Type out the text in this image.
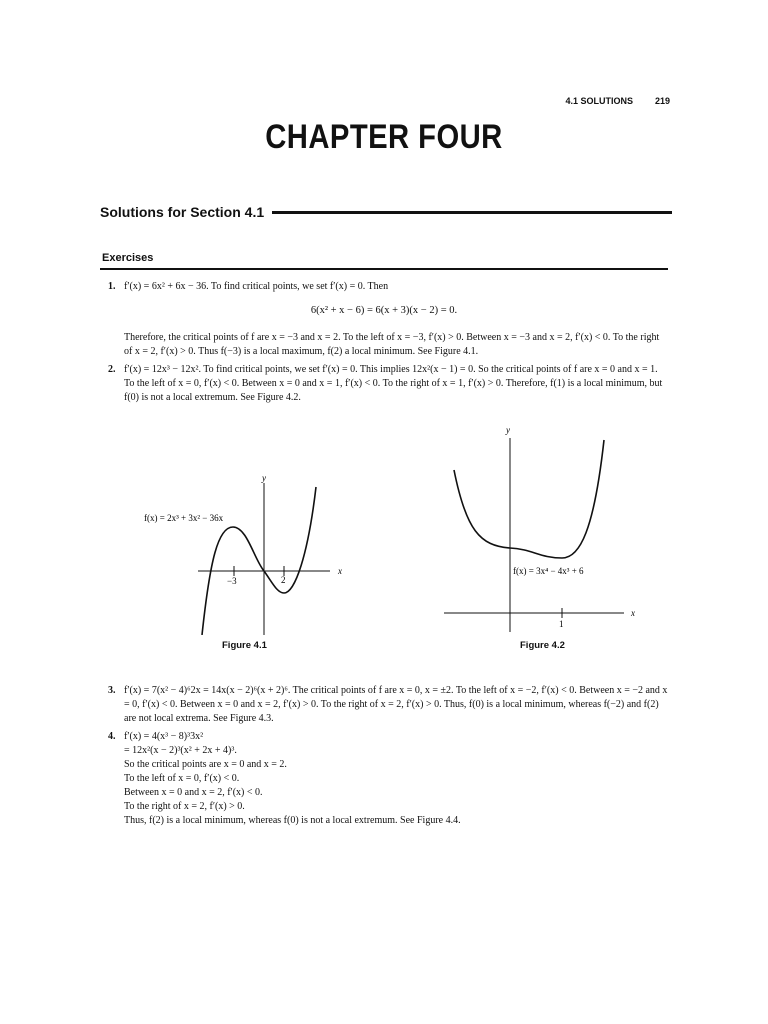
4.1 SOLUTIONS 219
CHAPTER FOUR
Solutions for Section 4.1
Exercises
1. f′(x) = 6x² + 6x − 36. To find critical points, we set f′(x) = 0. Then
6(x² + x − 6) = 6(x + 3)(x − 2) = 0.
Therefore, the critical points of f are x = −3 and x = 2. To the left of x = −3, f′(x) > 0. Between x = −3 and x = 2, f′(x) < 0. To the right of x = 2, f′(x) > 0. Thus f(−3) is a local maximum, f(2) a local minimum. See Figure 4.1.
2. f′(x) = 12x³ − 12x². To find critical points, we set f′(x) = 0. This implies 12x²(x − 1) = 0. So the critical points of f are x = 0 and x = 1. To the left of x = 0, f′(x) < 0. Between x = 0 and x = 1, f′(x) < 0. To the right of x = 1, f′(x) > 0. Therefore, f(1) is a local minimum, but f(0) is not a local extremum. See Figure 4.2.
y
x
−3	2
f(x) = 2x³ + 3x² − 36x
Figure 4.1
y
x
1
f(x) = 3x⁴ − 4x³ + 6
Figure 4.2
3. f′(x) = 7(x² − 4)⁶2x = 14x(x − 2)⁶(x + 2)⁶. The critical points of f are x = 0, x = ±2. To the left of x = −2, f′(x) < 0. Between x = −2 and x = 0, f′(x) < 0. Between x = 0 and x = 2, f′(x) > 0. To the right of x = 2, f′(x) > 0. Thus, f(0) is a local minimum, whereas f(−2) and f(2) are not local extrema. See Figure 4.3.
4. f′(x) = 4(x³ − 8)³3x²
= 12x²(x − 2)³(x² + 2x + 4)³.
So the critical points are x = 0 and x = 2.
To the left of x = 0, f′(x) < 0.
Between x = 0 and x = 2, f′(x) < 0.
To the right of x = 2, f′(x) > 0.
Thus, f(2) is a local minimum, whereas f(0) is not a local extremum. See Figure 4.4.
